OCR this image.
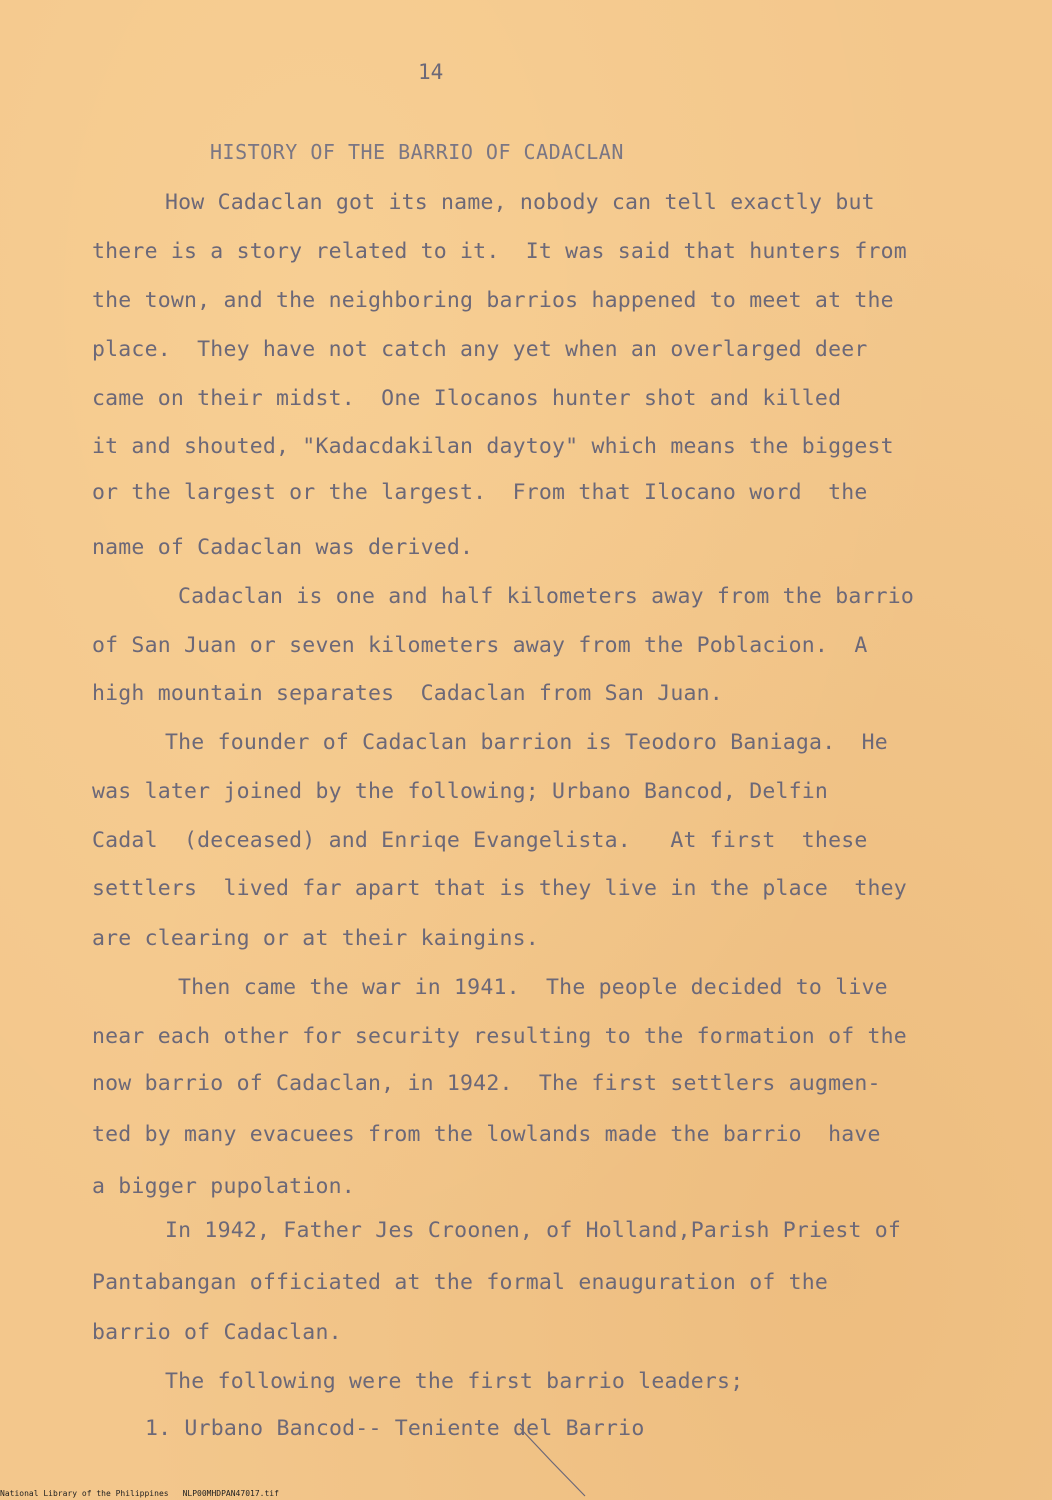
14
HISTORY OF THE BARRIO OF CADACLAN
How Cadaclan got its name, nobody can tell exactly but
there is a story related to it.  It was said that hunters from
the town, and the neighboring barrios happened to meet at the
place.  They have not catch any yet when an overlarged deer
came on their midst.  One Ilocanos hunter shot and killed
it and shouted, "Kadacdakilan daytoy" which means the biggest
or the largest or the largest.  From that Ilocano word  the
name of Cadaclan was derived.
Cadaclan is one and half kilometers away from the barrio
of San Juan or seven kilometers away from the Poblacion.  A
high mountain separates  Cadaclan from San Juan.
The founder of Cadaclan barrion is Teodoro Baniaga.  He
was later joined by the following; Urbano Bancod, Delfin
Cadal  (deceased) and Enriqe Evangelista.   At first  these
settlers  lived far apart that is they live in the place  they
are clearing or at their kaingins.
Then came the war in 1941.  The people decided to live
near each other for security resulting to the formation of the
now barrio of Cadaclan, in 1942.  The first settlers augmen-
ted by many evacuees from the lowlands made the barrio  have
a bigger pupolation.
In 1942, Father Jes Croonen, of Holland,Parish Priest of
Pantabangan officiated at the formal enauguration of the
barrio of Cadaclan.
The following were the first barrio leaders;
1. Urbano Bancod-- Teniente del Barrio
National Library of the Philippines NLP00MHDPAN47017.tif
